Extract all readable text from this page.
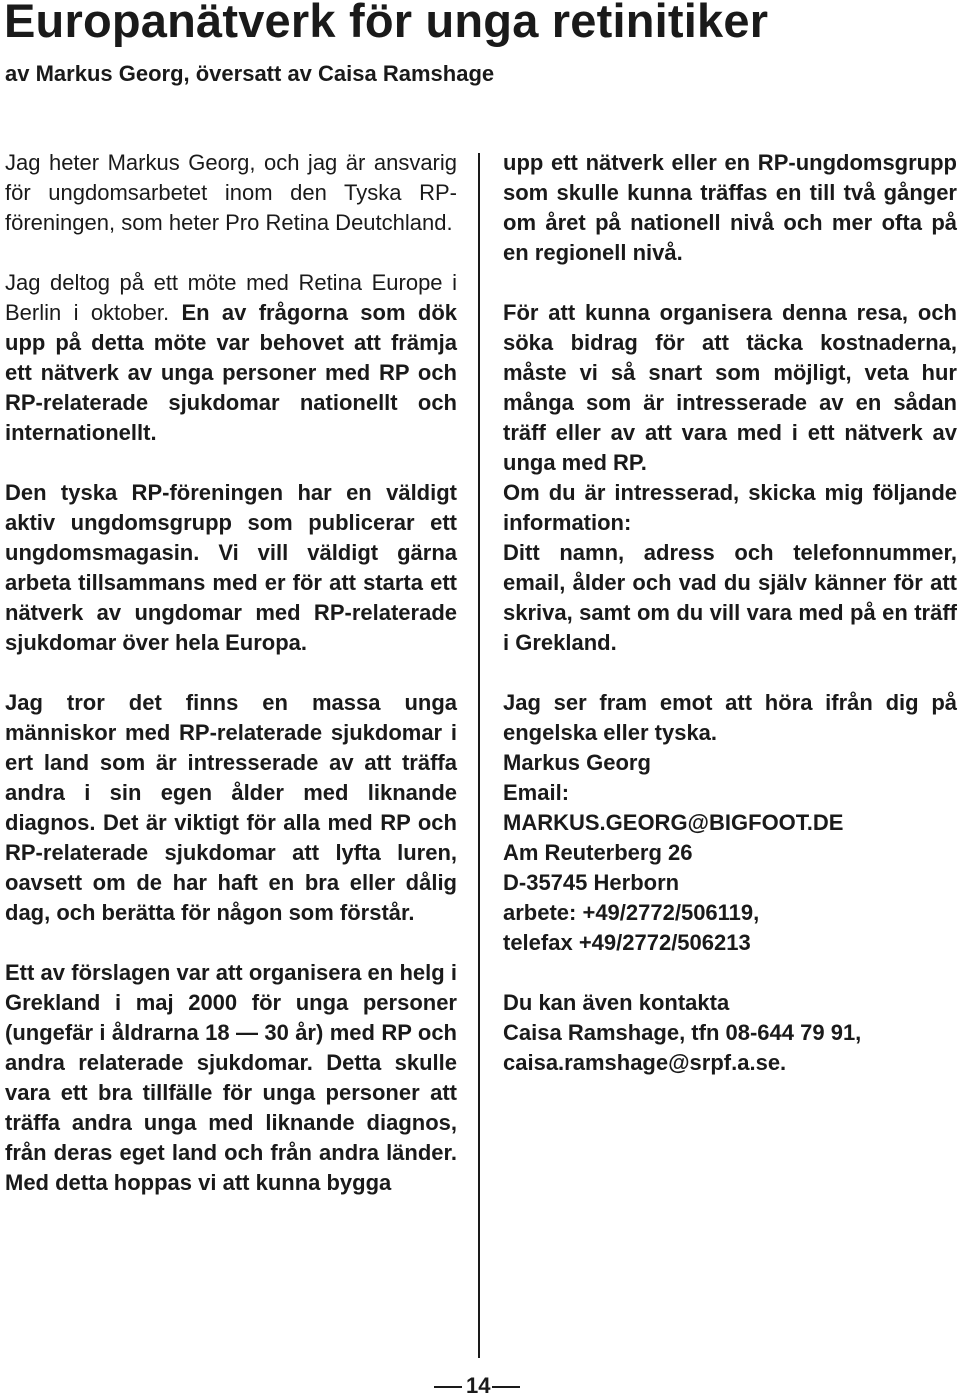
Europanätverk för unga retinitiker

av Markus Georg, översatt av Caisa Ramshage

Jag heter Markus Georg, och jag är ansvarig för ungdomsarbetet inom den Tyska RP-föreningen, som heter Pro Retina Deutchland.

Jag deltog på ett möte med Retina Europe i Berlin i oktober. En av frågorna som dök upp på detta möte var behovet att främja ett nätverk av unga personer med RP och RP-relaterade sjukdomar nationellt och internationellt.

Den tyska RP-föreningen har en väldigt aktiv ungdomsgrupp som publicerar ett ungdomsmagasin. Vi vill väldigt gärna arbeta tillsammans med er för att starta ett nätverk av ungdomar med RP-relaterade sjukdomar över hela Europa.

Jag tror det finns en massa unga människor med RP-relaterade sjukdomar i ert land som är intresserade av att träffa andra i sin egen ålder med liknande diagnos. Det är viktigt för alla med RP och RP-relaterade sjukdomar att lyfta luren, oavsett om de har haft en bra eller dålig dag, och berätta för någon som förstår.

Ett av förslagen var att organisera en helg i Grekland i maj 2000 för unga personer (ungefär i åldrarna 18 — 30 år) med RP och andra relaterade sjukdomar. Detta skulle vara ett bra tillfälle för unga personer att träffa andra unga med liknande diagnos, från deras eget land och från andra länder. Med detta hoppas vi att kunna bygga

upp ett nätverk eller en RP-ungdomsgrupp som skulle kunna träffas en till två gånger om året på nationell nivå och mer ofta på en regionell nivå.

För att kunna organisera denna resa, och söka bidrag för att täcka kostnaderna, måste vi så snart som möjligt, veta hur många som är intresserade av en sådan träff eller av att vara med i ett nätverk av unga med RP.

Om du är intresserad, skicka mig följande information:

Ditt namn, adress och telefonnummer, email, ålder och vad du själv känner för att skriva, samt om du vill vara med på en träff i Grekland.

Jag ser fram emot att höra ifrån dig på engelska eller tyska.

Markus Georg
Email:
MARKUS.GEORG@BIGFOOT.DE
Am Reuterberg 26
D-35745 Herborn
arbete: +49/2772/506119,
telefax +49/2772/506213
Du kan även kontakta
Caisa Ramshage, tfn 08-644 79 91,
caisa.ramshage@srpf.a.se.
14
